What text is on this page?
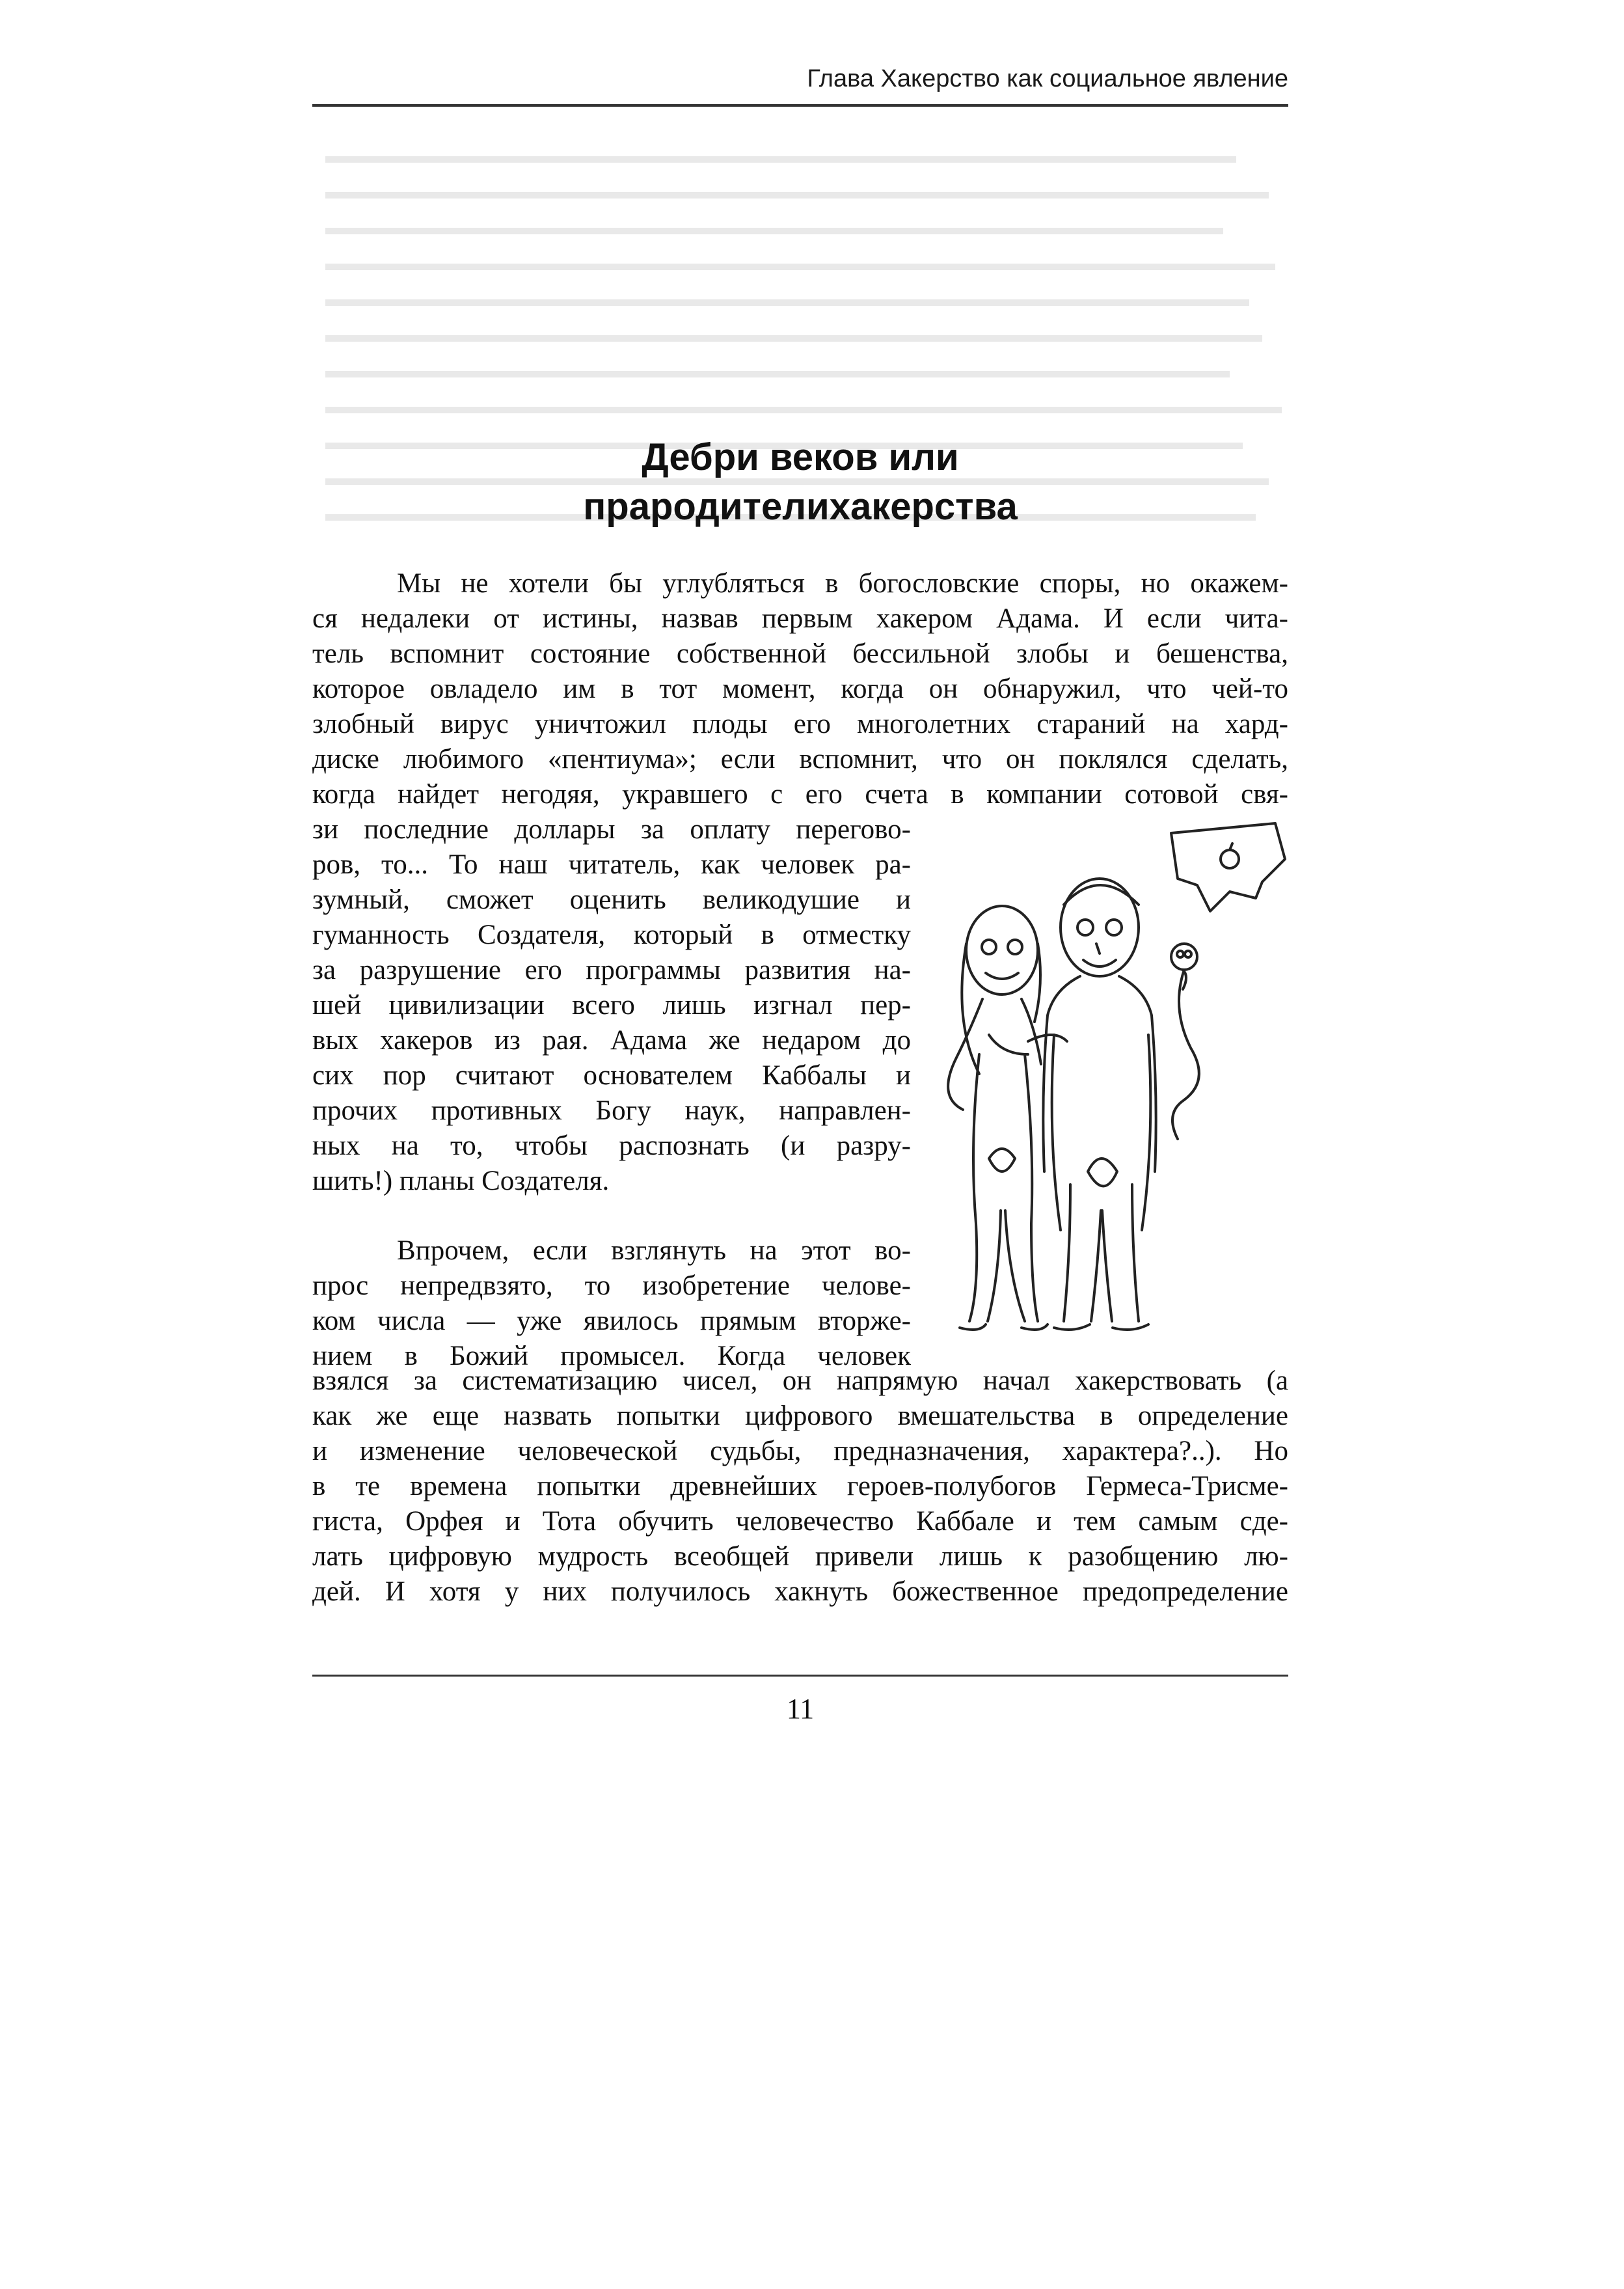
Глава Хакерство как социальное явление
Дебри веков или
прародителихакерства

Мы не хотели бы углубляться в богословские споры, но окажем-
ся недалеки от истины, назвав первым хакером Адама. И если чита-
тель вспомнит состояние собственной бессильной злобы и бешенства,
которое овладело им в тот момент, когда он обнаружил, что чей-то
злобный вирус уничтожил плоды его многолетних стараний на хард-
диске любимого «пентиума»; если вспомнит, что он поклялся сделать,
когда найдет негодяя, укравшего с его счета в компании сотовой свя-

зи последние доллары за оплату перегово-
ров, то... То наш читатель, как человек ра-
зумный, сможет оценить великодушие и
гуманность Создателя, который в отместку
за разрушение его программы развития на-
шей цивилизации всего лишь изгнал пер-
вых хакеров из рая. Адама же недаром до
сих пор считают основателем Каббалы и
прочих противных Богу наук, направлен-
ных на то, чтобы распознать (и разру-
шить!) планы Создателя.

Впрочем, если взглянуть на этот во-
прос непредвзято, то изобретение челове-
ком числа — уже явилось прямым вторже-
нием в Божий промысел. Когда человек

взялся за систематизацию чисел, он напрямую начал хакерствовать (а
как же еще назвать попытки цифрового вмешательства в определение
и изменение человеческой судьбы, предназначения, характера?..). Но
в те времена попытки древнейших героев-полубогов Гермеса-Трисме-
гиста, Орфея и Тота обучить человечество Каббале и тем самым сде-
лать цифровую мудрость всеобщей привели лишь к разобщению лю-
дей. И хотя у них получилось хакнуть божественное предопределение

11
